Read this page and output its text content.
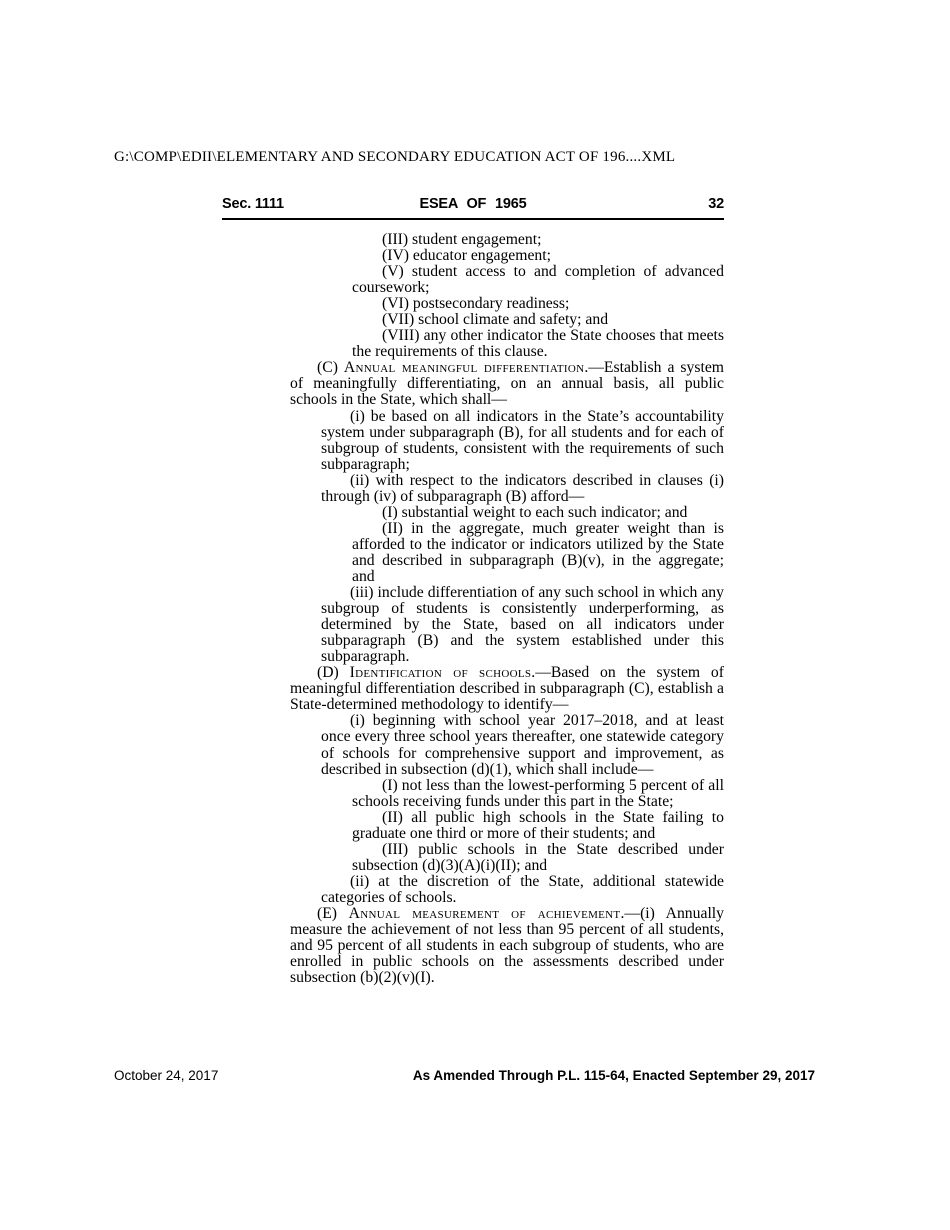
G:\COMP\EDII\ELEMENTARY AND SECONDARY EDUCATION ACT OF 196....XML
Sec. 1111	ESEA OF 1965	32

(III) student engagement;

(IV) educator engagement;

(V) student access to and completion of advanced coursework;

(VI) postsecondary readiness;

(VII) school climate and safety; and

(VIII) any other indicator the State chooses that meets the requirements of this clause.

(C) Annual meaningful differentiation.—Establish a system of meaningfully differentiating, on an annual basis, all public schools in the State, which shall—

(i) be based on all indicators in the State’s accountability system under subparagraph (B), for all students and for each of subgroup of students, consistent with the requirements of such subparagraph;

(ii) with respect to the indicators described in clauses (i) through (iv) of subparagraph (B) afford—

(I) substantial weight to each such indicator; and

(II) in the aggregate, much greater weight than is afforded to the indicator or indicators utilized by the State and described in subparagraph (B)(v), in the aggregate; and

(iii) include differentiation of any such school in which any subgroup of students is consistently underperforming, as determined by the State, based on all indicators under subparagraph (B) and the system established under this subparagraph.

(D) Identification of schools.—Based on the system of meaningful differentiation described in subparagraph (C), establish a State-determined methodology to identify—

(i) beginning with school year 2017–2018, and at least once every three school years thereafter, one statewide category of schools for comprehensive support and improvement, as described in subsection (d)(1), which shall include—

(I) not less than the lowest-performing 5 percent of all schools receiving funds under this part in the State;

(II) all public high schools in the State failing to graduate one third or more of their students; and

(III) public schools in the State described under subsection (d)(3)(A)(i)(II); and

(ii) at the discretion of the State, additional statewide categories of schools.

(E) Annual measurement of achievement.—(i) Annually measure the achievement of not less than 95 percent of all students, and 95 percent of all students in each subgroup of students, who are enrolled in public schools on the assessments described under subsection (b)(2)(v)(I).

October 24, 2017	As Amended Through P.L. 115-64, Enacted September 29, 2017
